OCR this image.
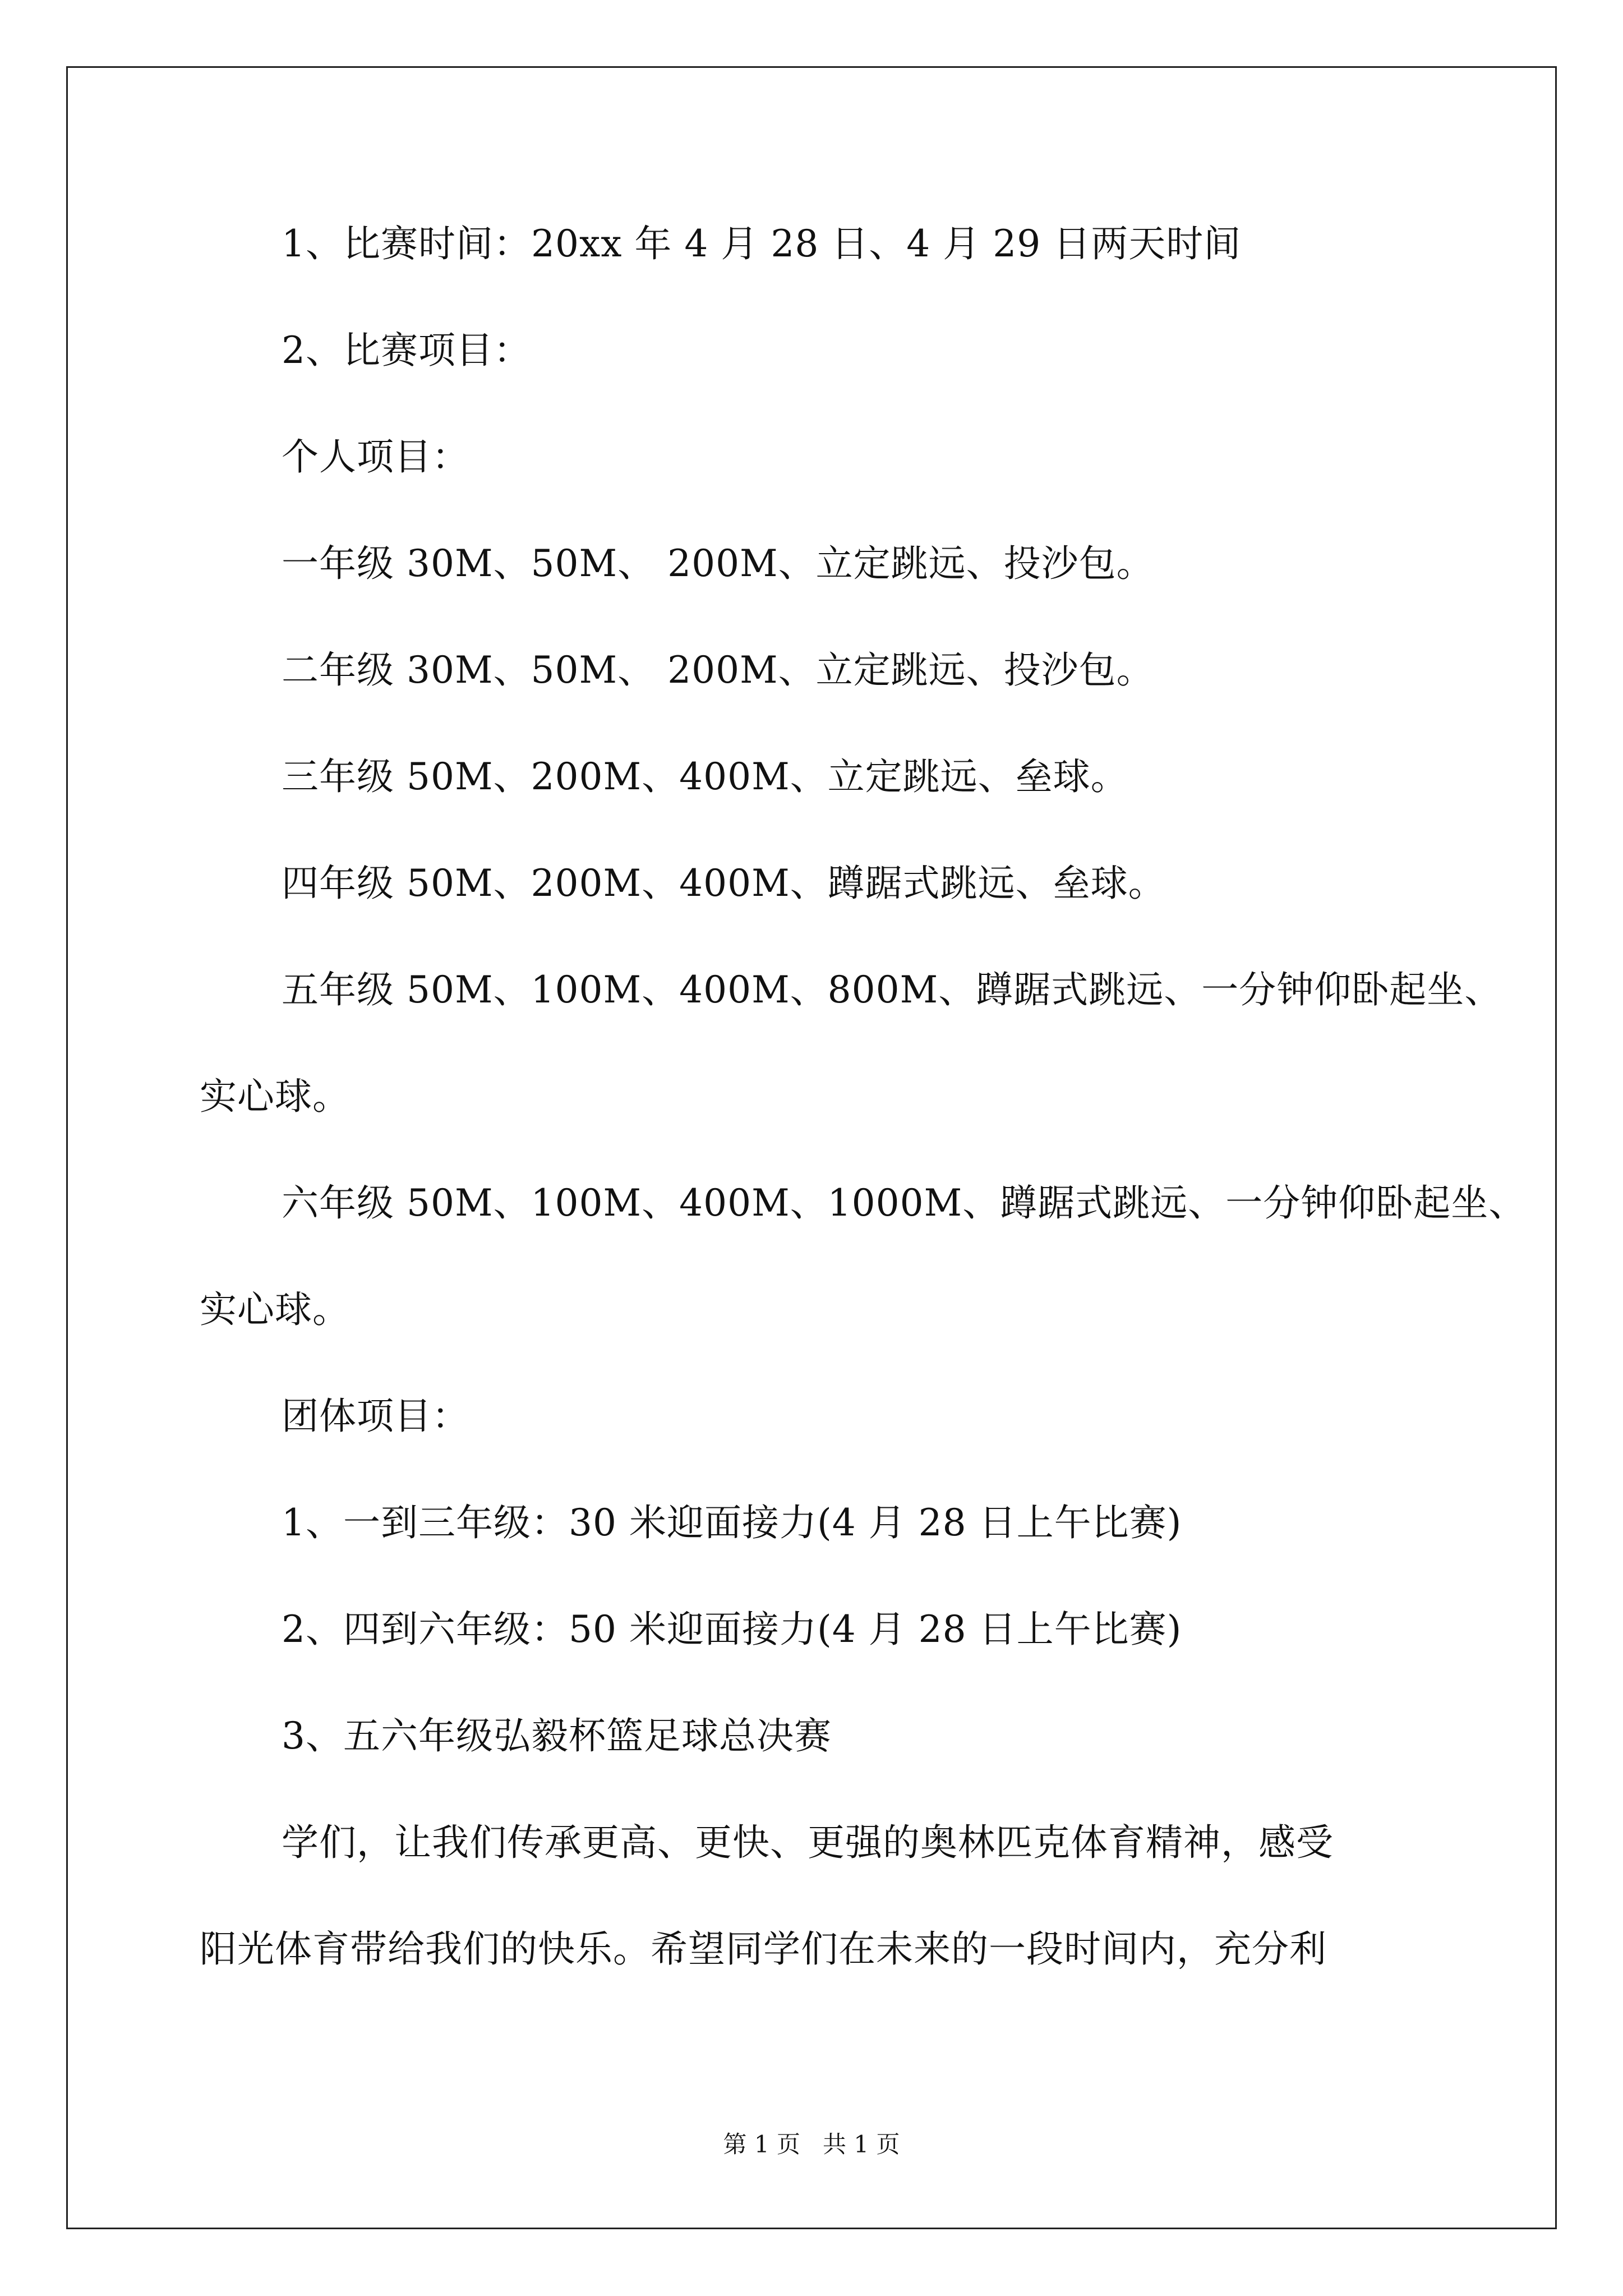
1、比赛时间：20xx 年 4 月 28 日、4 月 29 日两天时间
2、比赛项目：
个人项目：
一年级 30M、50M、 200M、立定跳远、投沙包。
二年级 30M、50M、 200M、立定跳远、投沙包。
三年级 50M、200M、400M、立定跳远、垒球。
四年级 50M、200M、400M、蹲踞式跳远、垒球。
五年级 50M、100M、400M、800M、蹲踞式跳远、一分钟仰卧起坐、
实心球。
六年级 50M、100M、400M、1000M、蹲踞式跳远、一分钟仰卧起坐、
实心球。
团体项目：
1、一到三年级：30 米迎面接力(4 月 28 日上午比赛)
2、四到六年级：50 米迎面接力(4 月 28 日上午比赛)
3、五六年级弘毅杯篮足球总决赛
学们，让我们传承更高、更快、更强的奥林匹克体育精神，感受
阳光体育带给我们的快乐。希望同学们在未来的一段时间内，充分利
第 1 页   共 1 页
